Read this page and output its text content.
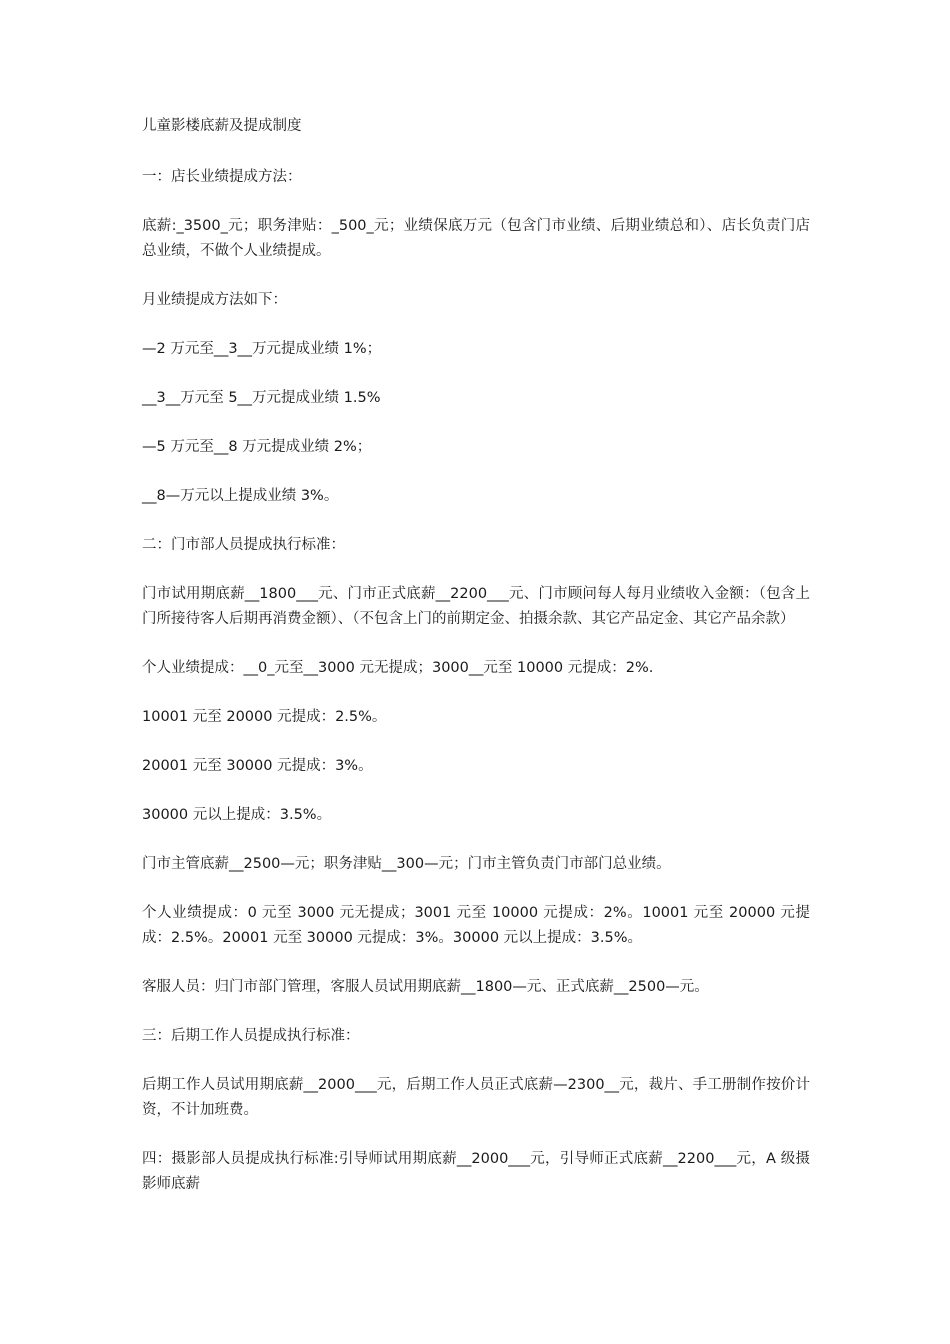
儿童影楼底薪及提成制度

一：店长业绩提成方法：

底薪:_3500_元；职务津贴：_500_元；业绩保底万元（包含门市业绩、后期业绩总和）、店长负责门店总业绩，不做个人业绩提成。

月业绩提成方法如下：

—2 万元至__3__万元提成业绩 1%；

__3__万元至 5__万元提成业绩 1.5%

—5 万元至__8 万元提成业绩 2%；

__8—万元以上提成业绩 3%。

二：门市部人员提成执行标准：

门市试用期底薪__1800___元、门市正式底薪__2200___元、门市顾问每人每月业绩收入金额：（包含上门所接待客人后期再消费金额）、（不包含上门的前期定金、拍摄余款、其它产品定金、其它产品余款）

个人业绩提成：__0_元至__3000 元无提成；3000__元至 10000 元提成：2%.

10001 元至 20000 元提成：2.5%。

20001 元至 30000 元提成：3%。

30000 元以上提成：3.5%。

门市主管底薪__2500—元；职务津贴__300—元；门市主管负责门市部门总业绩。

个人业绩提成：0 元至 3000 元无提成；3001 元至 10000 元提成：2%。10001 元至 20000 元提成：2.5%。20001 元至 30000 元提成：3%。30000 元以上提成：3.5%。

客服人员：归门市部门管理，客服人员试用期底薪__1800—元、正式底薪__2500—元。

三：后期工作人员提成执行标准：

后期工作人员试用期底薪__2000___元，后期工作人员正式底薪—2300__元，裁片、手工册制作按价计资，不计加班费。

四：摄影部人员提成执行标准:引导师试用期底薪__2000___元，引导师正式底薪__2200___元，A 级摄影师底薪
